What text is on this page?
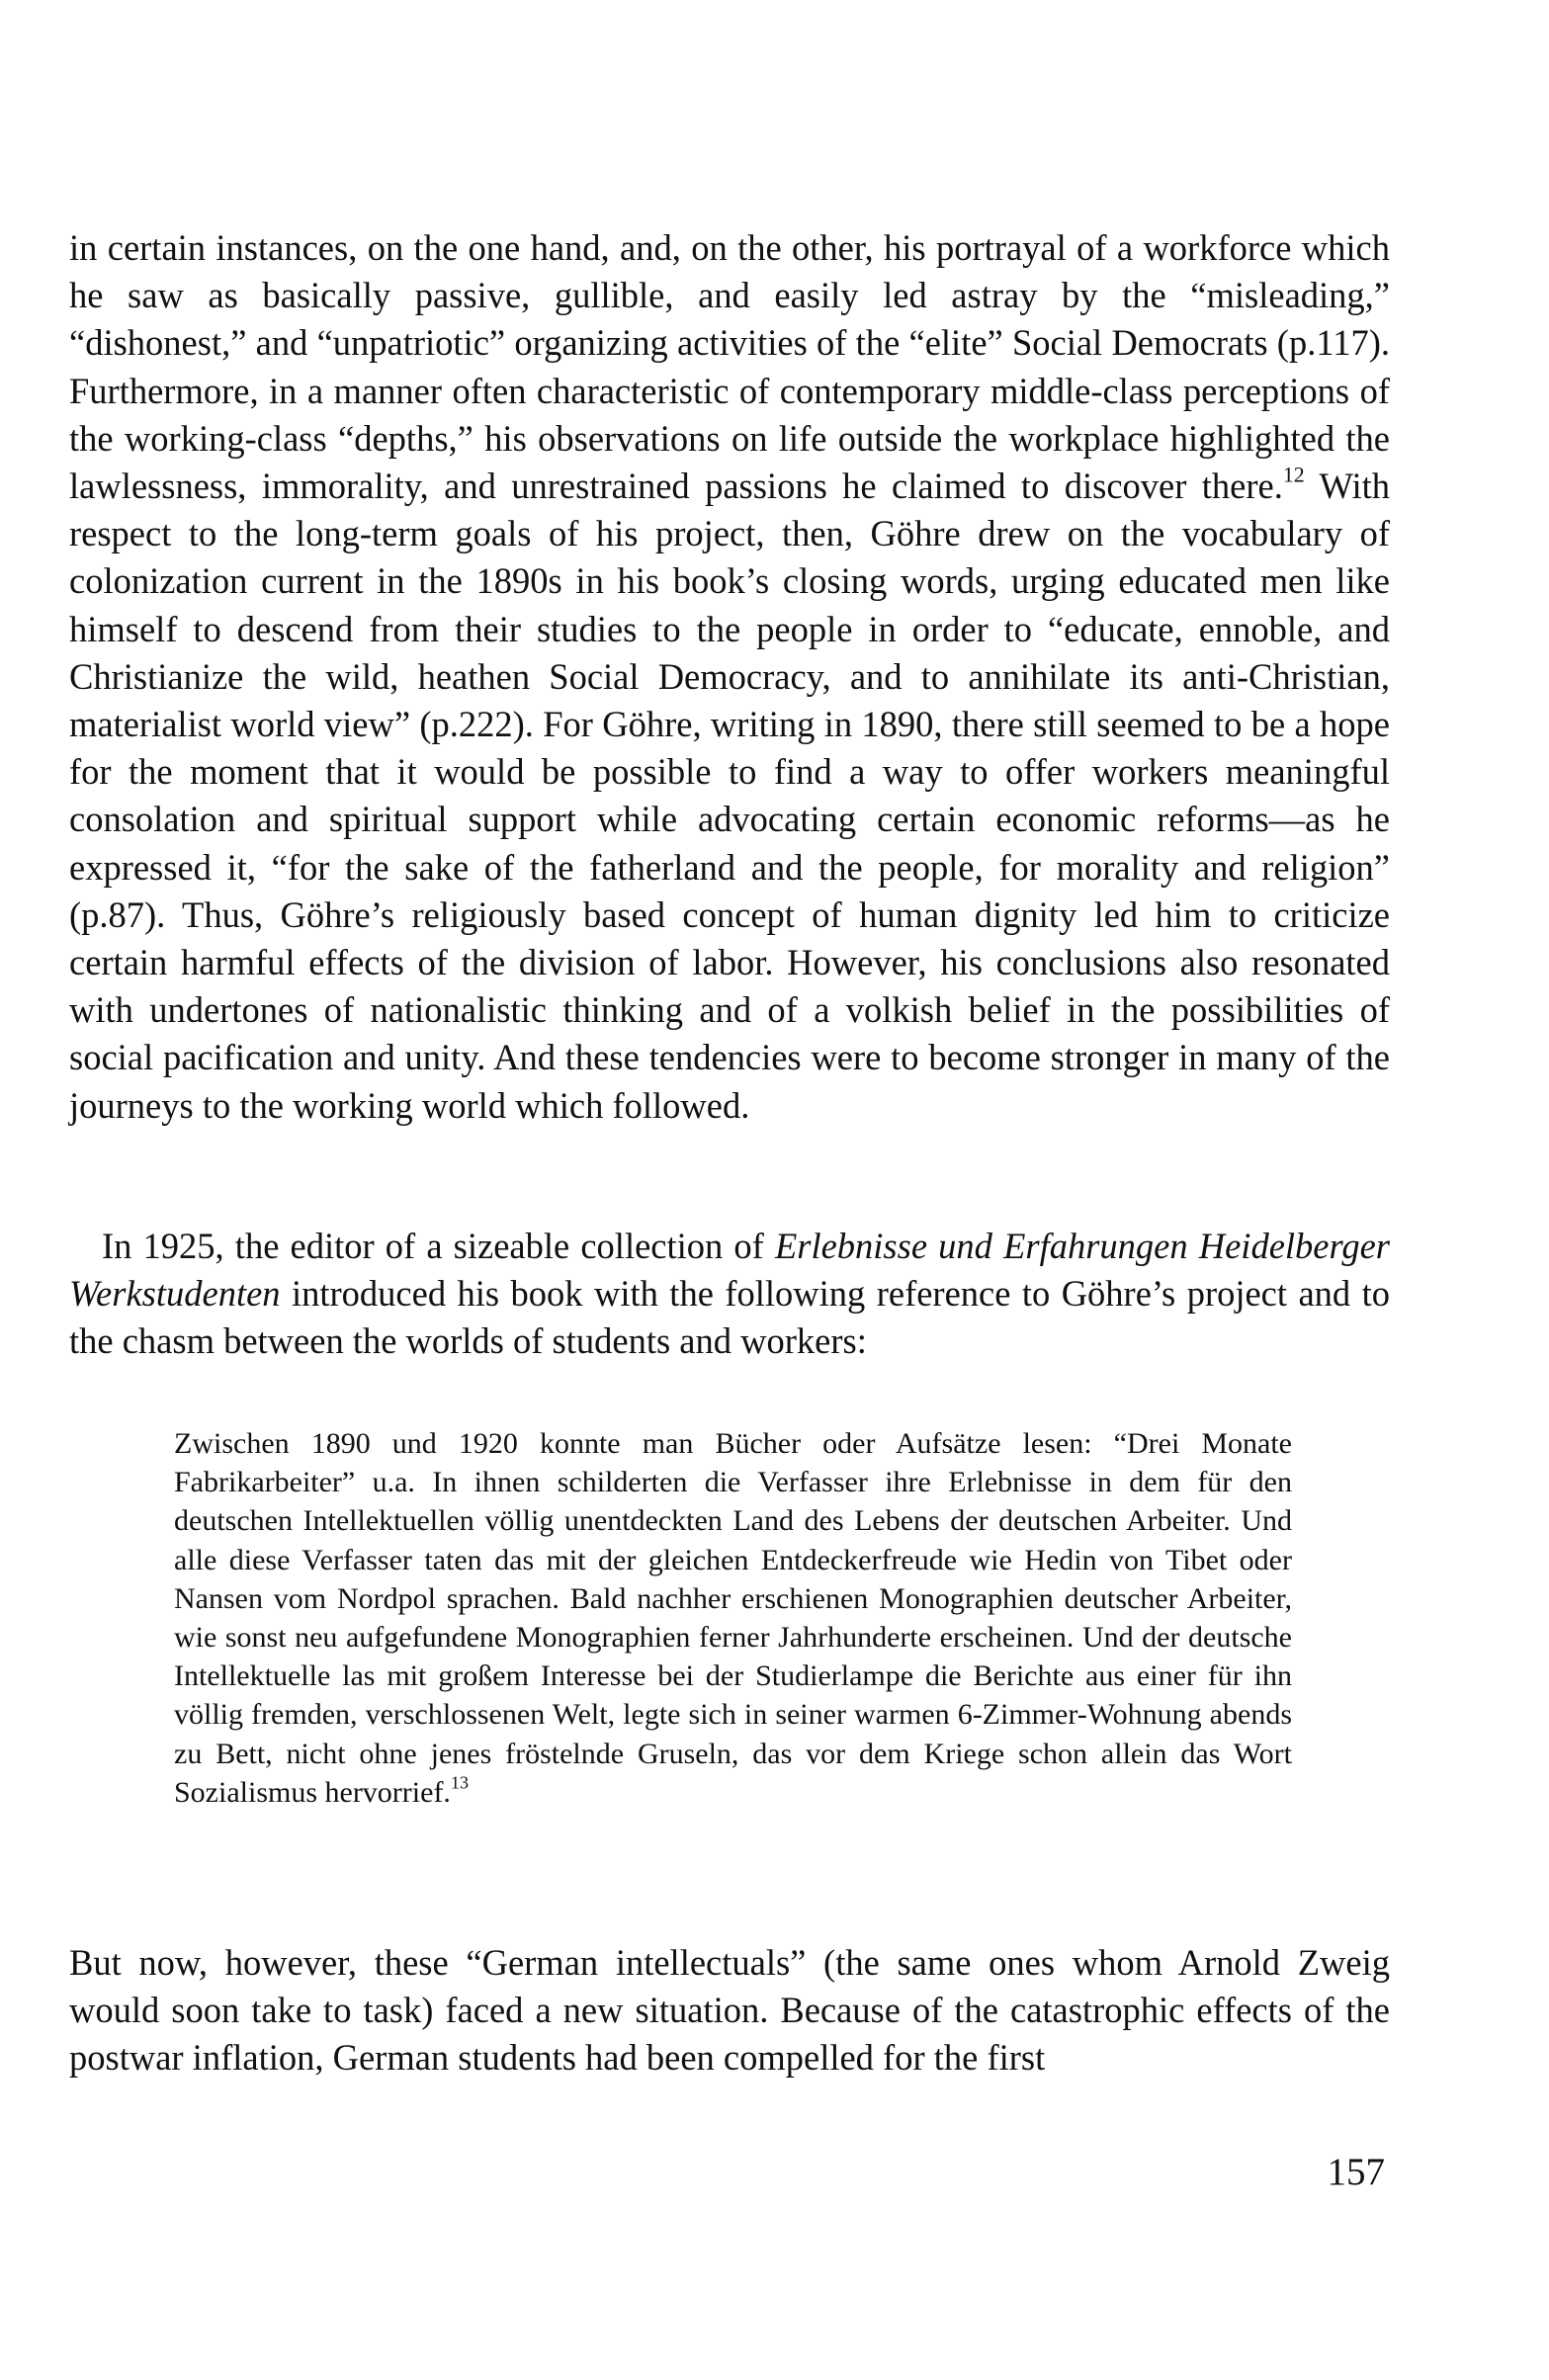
in certain instances, on the one hand, and, on the other, his portrayal of a workforce which he saw as basically passive, gullible, and easily led astray by the “misleading,” “dishonest,” and “unpatriotic” organizing activities of the “elite” Social Democrats (p.117). Furthermore, in a manner often characteristic of contemporary middle-class perceptions of the working-class “depths,” his observations on life outside the workplace highlighted the lawlessness, immorality, and unrestrained passions he claimed to discover there.$^{12}$ With respect to the long-term goals of his project, then, Göhre drew on the vocabulary of colonization current in the 1890s in his book’s closing words, urging educated men like himself to descend from their studies to the people in order to “educate, ennoble, and Christianize the wild, heathen Social Democracy, and to annihilate its anti-Christian, materialist world view” (p.222). For Göhre, writing in 1890, there still seemed to be a hope for the moment that it would be possible to find a way to offer workers meaningful consolation and spiritual support while advocating certain economic reforms—as he expressed it, “for the sake of the fatherland and the people, for morality and religion” (p.87). Thus, Göhre’s religiously based concept of human dignity led him to criticize certain harmful effects of the division of labor. However, his conclusions also resonated with undertones of nationalistic thinking and of a volkish belief in the possibilities of social pacification and unity. And these tendencies were to become stronger in many of the journeys to the working world which followed.

In 1925, the editor of a sizeable collection of Erlebnisse und Erfahrungen Heidelberger Werkstudenten introduced his book with the following reference to Göhre’s project and to the chasm between the worlds of students and workers:

Zwischen 1890 und 1920 konnte man Bücher oder Aufsätze lesen: “Drei Monate Fabrikarbeiter” u.a. In ihnen schilderten die Verfasser ihre Erlebnisse in dem für den deutschen Intellektuellen völlig unentdeckten Land des Lebens der deutschen Arbeiter. Und alle diese Verfasser taten das mit der gleichen Entdeckerfreude wie Hedin von Tibet oder Nansen vom Nordpol sprachen. Bald nachher erschienen Monographien deutscher Arbeiter, wie sonst neu aufgefundene Monographien ferner Jahrhunderte erscheinen. Und der deutsche Intellektuelle las mit großem Interesse bei der Studierlampe die Berichte aus einer für ihn völlig fremden, verschlossenen Welt, legte sich in seiner warmen 6-Zimmer-Wohnung abends zu Bett, nicht ohne jenes fröstelnde Gruseln, das vor dem Kriege schon allein das Wort Sozialismus hervorrief.$^{13}$

But now, however, these “German intellectuals” (the same ones whom Arnold Zweig would soon take to task) faced a new situation. Because of the catastrophic effects of the postwar inflation, German students had been compelled for the first

157
